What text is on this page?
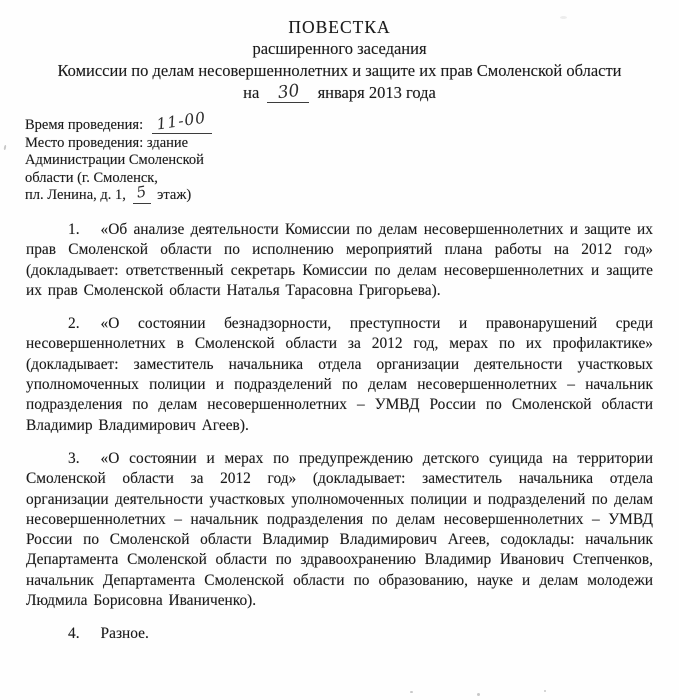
ПОВЕСТКА
расширенного заседания
Комиссии по делам несовершеннолетних и защите их прав Смоленской области
на 30 января 2013 года
Время проведения: 11-00
Место проведения: здание
Администрации Смоленской
области (г. Смоленск,
пл. Ленина, д. 1, 5 этаж)

1. «Об анализе деятельности Комиссии по делам несовершеннолетних и защите их прав Смоленской области по исполнению мероприятий плана работы на 2012 год» (докладывает: ответственный секретарь Комиссии по делам несовершеннолетних и защите их прав Смоленской области Наталья Тарасовна Григорьева).

2. «О состоянии безнадзорности, преступности и правонарушений среди несовершеннолетних в Смоленской области за 2012 год, мерах по их профилактике» (докладывает: заместитель начальника отдела организации деятельности участковых уполномоченных полиции и подразделений по делам несовершеннолетних – начальник подразделения по делам несовершеннолетних – УМВД России по Смоленской области Владимир Владимирович Агеев).

3. «О состоянии и мерах по предупреждению детского суицида на территории Смоленской области за 2012 год» (докладывает: заместитель начальника отдела организации деятельности участковых уполномоченных полиции и подразделений по делам несовершеннолетних – начальник подразделения по делам несовершеннолетних – УМВД России по Смоленской области Владимир Владимирович Агеев, содоклады: начальник Департамента Смоленской области по здравоохранению Владимир Иванович Степченков, начальник Департамента Смоленской области по образованию, науке и делам молодежи Людмила Борисовна Иваниченко).

4. Разное.
